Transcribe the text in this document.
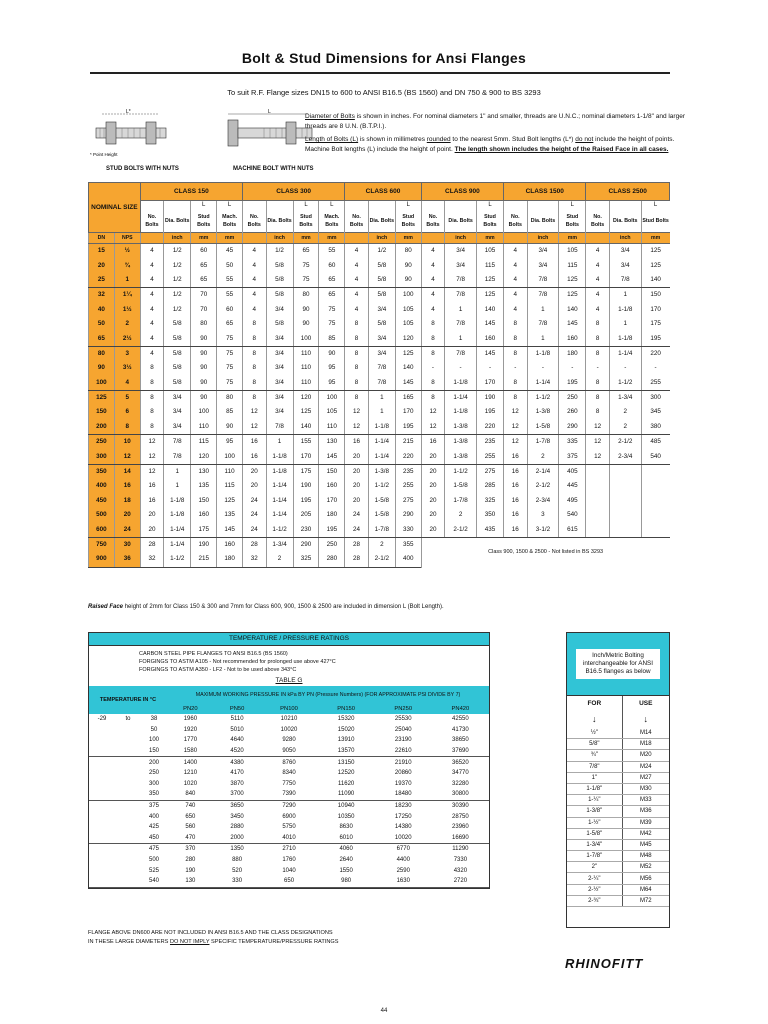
Bolt & Stud Dimensions for Ansi Flanges
To suit R.F. Flange sizes DN15 to 600 to ANSI B16.5 (BS 1560) and DN 750 & 900 to BS 3293
L*
* Point Height
L
STUD BOLTS WITH NUTS	MACHINE BOLT WITH NUTS

Diameter of Bolts is shown in inches. For nominal diameters 1" and smaller, threads are U.N.C.; nominal diameters 1-1/8" and larger threads are 8 U.N. (B.T.P.I.).

Length of Bolts (L) is shown in millimetres rounded to the nearest 5mm. Stud Bolt lengths (L*) do not include the height of points. Machine Bolt lengths (L) include the height of point. The length shown includes the height of the Raised Face in all cases.

NOMINAL SIZE		CLASS 150				CLASS 300				CLASS 600			CLASS 900			CLASS 1500			CLASS 2500		
				L	L			L	L			L			L			L			L
		No. Bolts	Dia. Bolts	Stud Bolts	Mach. Bolts	No. Bolts	Dia. Bolts	Stud Bolts	Mach. Bolts	No. Bolts	Dia. Bolts	Stud Bolts	No. Bolts	Dia. Bolts	Stud Bolts	No. Bolts	Dia. Bolts	Stud Bolts	No. Bolts	Dia. Bolts	Stud Bolts
DN	NPS		inch	mm	mm		inch	mm	mm		inch	mm		inch	mm		inch	mm		inch	mm
15	½	4	1/2	60	45	4	1/2	65	55	4	1/2	80	4	3/4	105	4	3/4	105	4	3/4	125
20	¾	4	1/2	65	50	4	5/8	75	60	4	5/8	90	4	3/4	115	4	3/4	115	4	3/4	125
25	1	4	1/2	65	55	4	5/8	75	65	4	5/8	90	4	7/8	125	4	7/8	125	4	7/8	140
32	1¼	4	1/2	70	55	4	5/8	80	65	4	5/8	100	4	7/8	125	4	7/8	125	4	1	150
40	1½	4	1/2	70	60	4	3/4	90	75	4	3/4	105	4	1	140	4	1	140	4	1-1/8	170
50	2	4	5/8	80	65	8	5/8	90	75	8	5/8	105	8	7/8	145	8	7/8	145	8	1	175
65	2½	4	5/8	90	75	8	3/4	100	85	8	3/4	120	8	1	160	8	1	160	8	1-1/8	195
80	3	4	5/8	90	75	8	3/4	110	90	8	3/4	125	8	7/8	145	8	1-1/8	180	8	1-1/4	220
90	3½	8	5/8	90	75	8	3/4	110	95	8	7/8	140	-	-	-	-	-	-	-	-	-
100	4	8	5/8	90	75	8	3/4	110	95	8	7/8	145	8	1-1/8	170	8	1-1/4	195	8	1-1/2	255
125	5	8	3/4	90	80	8	3/4	120	100	8	1	165	8	1-1/4	190	8	1-1/2	250	8	1-3/4	300
150	6	8	3/4	100	85	12	3/4	125	105	12	1	170	12	1-1/8	195	12	1-3/8	260	8	2	345
200	8	8	3/4	110	90	12	7/8	140	110	12	1-1/8	195	12	1-3/8	220	12	1-5/8	290	12	2	380
250	10	12	7/8	115	95	16	1	155	130	16	1-1/4	215	16	1-3/8	235	12	1-7/8	335	12	2-1/2	485
300	12	12	7/8	120	100	16	1-1/8	170	145	20	1-1/4	220	20	1-3/8	255	16	2	375	12	2-3/4	540
350	14	12	1	130	110	20	1-1/8	175	150	20	1-3/8	235	20	1-1/2	275	16	2-1/4	405			
400	16	16	1	135	115	20	1-1/4	190	160	20	1-1/2	255	20	1-5/8	285	16	2-1/2	445			
450	18	16	1-1/8	150	125	24	1-1/4	195	170	20	1-5/8	275	20	1-7/8	325	16	2-3/4	495			
500	20	20	1-1/8	160	135	24	1-1/4	205	180	24	1-5/8	290	20	2	350	16	3	540			
600	24	20	1-1/4	175	145	24	1-1/2	230	195	24	1-7/8	330	20	2-1/2	435	16	3-1/2	615			
750	30	28	1-1/4	190	160	28	1-3/4	290	250	28	2	355	Class 900, 1500 & 2500 - Not listed in BS 3293								
900	36	32	1-1/2	215	180	32	2	325	280	28	2-1/2	400									
Raised Face height of 2mm for Class 150 & 300 and 7mm for Class 600, 900, 1500 & 2500 are included in dimension L (Bolt Length).
TEMPERATURE / PRESSURE RATINGS
CARBON STEEL PIPE FLANGES TO ANSI B16.5 (BS 1560)
FORGINGS TO ASTM A105 - Not recommended for prolonged use above 427°C
FORGINGS TO ASTM A350 - LF2 - Not to be used above 343°C
TABLE G
TEMPERATURE IN °C			MAXIMUM WORKING PRESSURE IN kPa BY PN (Pressure Numbers) (FOR APPROXIMATE PSI DIVIDE BY 7)					
			PN20	PN50	PN100	PN150	PN250	PN420
-29	to	38	1960	5110	10210	15320	25530	42550
		50	1920	5010	10020	15020	25040	41730
		100	1770	4640	9280	13910	23190	38650
		150	1580	4520	9050	13570	22610	37690
		200	1400	4380	8760	13150	21910	36520
		250	1210	4170	8340	12520	20860	34770
		300	1020	3870	7750	11620	19370	32280
		350	840	3700	7390	11090	18480	30800
		375	740	3650	7290	10940	18230	30390
		400	650	3450	6900	10350	17250	28750
		425	560	2880	5750	8630	14380	23960
		450	470	2000	4010	6010	10020	16690
		475	370	1350	2710	4060	6770	11290
		500	280	880	1760	2640	4400	7330
		525	190	520	1040	1550	2590	4320
		540	130	330	650	980	1630	2720
Inch/Metric Bolting interchangeable for ANSI B16.5 flanges as below
FOR	USE
↓	↓
½"	M14
5/8"	M18
¾"	M20
7/8"	M24
1"	M27
1-1/8"	M30
1-¼"	M33
1-3/8"	M36
1-½"	M39
1-5/8"	M42
1-3/4"	M45
1-7/8"	M48
2"	M52
2-¼"	M56
2-½"	M64
2-¾"	M72
FLANGE ABOVE DN600 ARE NOT INCLUDED IN ANSI B16.5 AND THE CLASS DESIGNATIONS
IN THESE LARGE DIAMETERS DO NOT IMPLY SPECIFIC TEMPERATURE/PRESSURE RATINGS
RHINOFITT
44
